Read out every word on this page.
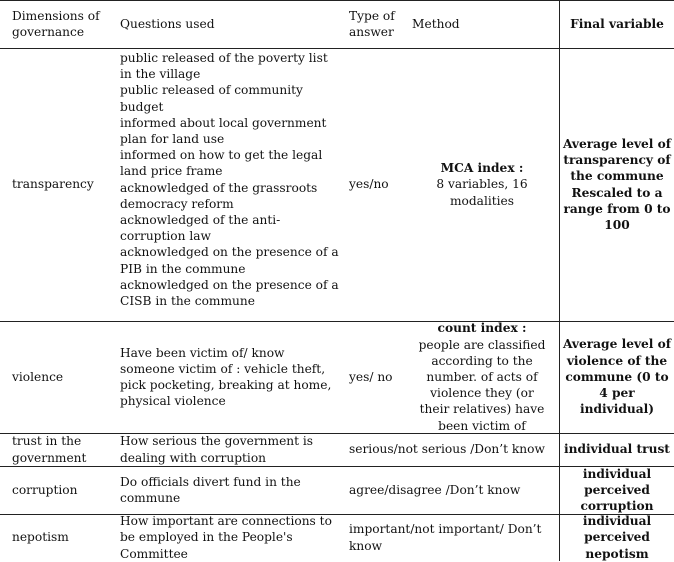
Dimensions of governance
Questions used
Type of answer
Method	Final variable
transparency
public released of the poverty list in the village
public released of community budget
informed about local government plan for land use
informed on how to get the legal land price frame
acknowledged of the grassroots democracy reform
acknowledged of the anti-corruption law
acknowledged on the presence of a PIB in the commune
acknowledged on the presence of a CISB in the commune
yes/no
MCA index :
8 variables, 16 modalities
Average level of transparency of the commune Rescaled to a range from 0 to 100
violence
Have been victim of/ know someone victim of : vehicle theft, pick pocketing, breaking at home, physical violence
yes/ no
count index :
people are classified according to the number. of acts of violence they (or their relatives) have been victim of
Average level of violence of the commune (0 to 4 per individual)
trust in the government
How serious the government is dealing with corruption
serious/not serious /Don’t know individual trust
corruption
Do officials divert fund in the commune
agree/disagree /Don’t know
individual perceived corruption
nepotism
How important are connections to be employed in the People's Committee
important/not important/ Don’t know
individual perceived nepotism
